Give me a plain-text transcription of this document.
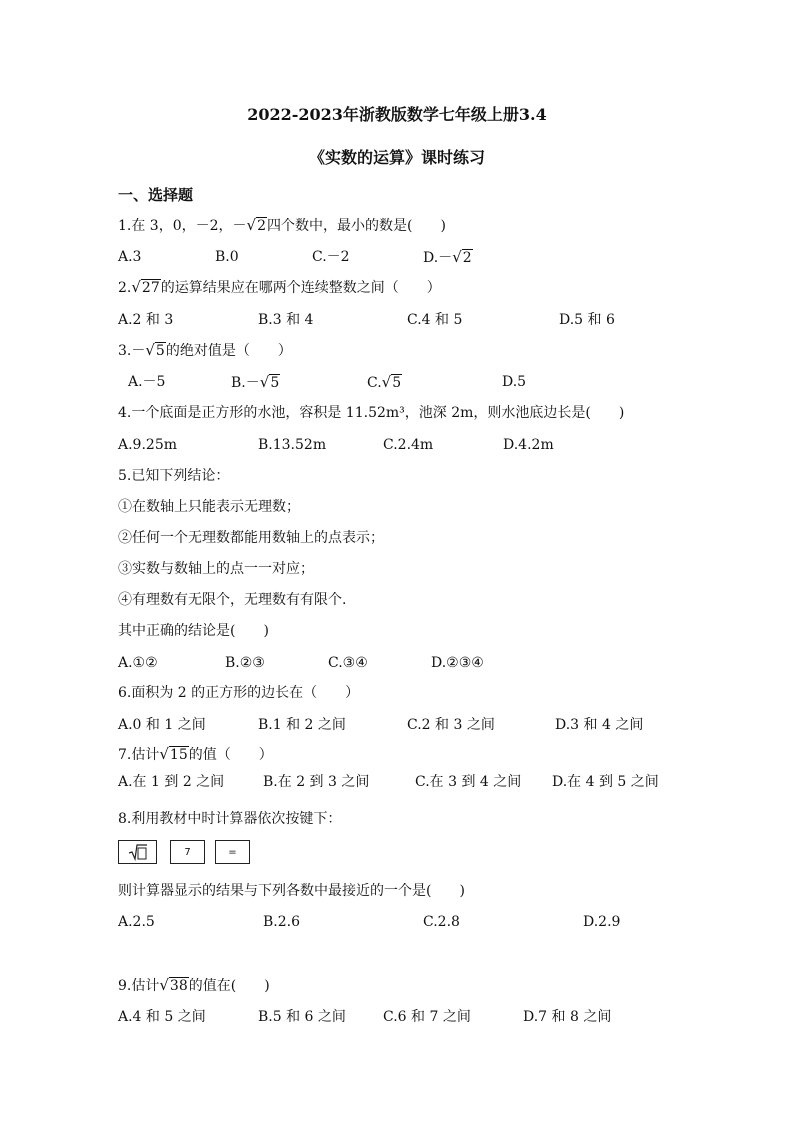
2022-2023年浙教版数学七年级上册3.4
《实数的运算》课时练习
一、选择题
1.在 3，0，－2，－√2四个数中，最小的数是(　　)
A.3	B.0	C.－2	D.－√2
2.√27的运算结果应在哪两个连续整数之间（　　）
A.2 和 3	B.3 和 4	C.4 和 5	D.5 和 6
3.－√5的绝对值是（　　）
A.－5	B.－√5	C.√5	D.5
4.一个底面是正方形的水池，容积是 11.52m³，池深 2m，则水池底边长是(　　)
A.9.25m	B.13.52m	C.2.4m	D.4.2m
5.已知下列结论：
①在数轴上只能表示无理数；
②任何一个无理数都能用数轴上的点表示；
③实数与数轴上的点一一对应；
④有理数有无限个，无理数有有限个.
其中正确的结论是(　　)
A.①②	B.②③	C.③④	D.②③④
6.面积为 2 的正方形的边长在（　　）
A.0 和 1 之间	B.1 和 2 之间	C.2 和 3 之间	D.3 和 4 之间
7.估计√15的值（　　）
A.在 1 到 2 之间	B.在 2 到 3 之间	C.在 3 到 4 之间 D.在 4 到 5 之间
8.利用教材中时计算器依次按键下：
7	=
则计算器显示的结果与下列各数中最接近的一个是(　　)
A.2.5	B.2.6	C.2.8	D.2.9
9.估计√38的值在(　　)
A.4 和 5 之间	B.5 和 6 之间	C.6 和 7 之间	D.7 和 8 之间
